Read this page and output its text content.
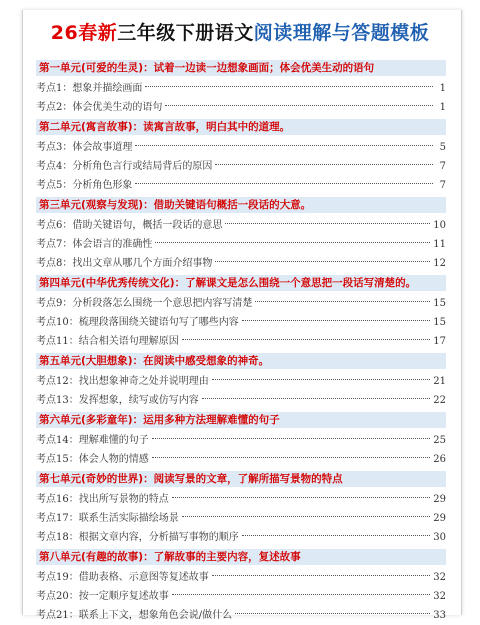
26春新三年级下册语文阅读理解与答题模板
第一单元(可爱的生灵)：试着一边读一边想象画面；体会优美生动的语句
考点1：想象并描绘画面	1
考点2：体会优美生动的语句	1
第二单元(寓言故事)：读寓言故事，明白其中的道理。
考点3：体会故事道理	5
考点4：分析角色言行或结局背后的原因	7
考点5：分析角色形象	7
第三单元(观察与发现)：借助关键语句概括一段话的大意。
考点6：借助关键语句，概括一段话的意思	10
考点7：体会语言的准确性	11
考点8：找出文章从哪几个方面介绍事物	12
第四单元(中华优秀传统文化)：了解课文是怎么围绕一个意思把一段话写清楚的。
考点9：分析段落怎么围绕一个意思把内容写清楚	15
考点10：梳理段落围绕关键语句写了哪些内容	15
考点11：结合相关语句理解原因	17
第五单元(大胆想象)：在阅读中感受想象的神奇。
考点12：找出想象神奇之处并说明理由	21
考点13：发挥想象，续写或仿写内容	22
第六单元(多彩童年)：运用多种方法理解难懂的句子
考点14：理解难懂的句子	25
考点15：体会人物的情感	26
第七单元(奇妙的世界)：阅读写景的文章，了解所描写景物的特点
考点16：找出所写景物的特点	29
考点17：联系生活实际描绘场景	29
考点18：根据文章内容，分析描写事物的顺序	30
第八单元(有趣的故事)：了解故事的主要内容，复述故事
考点19：借助表格、示意图等复述故事	32
考点20：按一定顺序复述故事	32
考点21：联系上下文，想象角色会说/做什么	33
